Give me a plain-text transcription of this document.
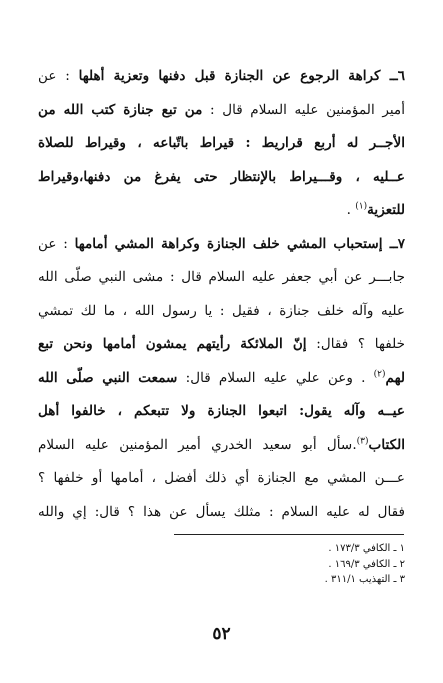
٦ــ كراهة الرجوع عن الجنازة قبل دفنها وتعزية أهلها : عن
أمير المؤمنين عليه السلام قال : من تبع جنازة كتب الله من
الأجــر له أربع قراريط : قيراط باتّباعه ، وقيراط للصلاة
عــليه ، وقـــيراط بالإنتظار حتى يفرغ من دفنها،وقيراط
للتعزية$^{(١)}$ .
٧ــ إستحباب المشي خلف الجنازة وكراهة المشي أمامها : عن
جابـــر عن أبي جعفر عليه السلام قال : مشى النبي صلّى الله
عليه وآله خلف جنازة ، فقيل : يا رسول الله ، ما لك تمشي
خلفها ؟ فقال: إنّ الملائكة رأيتهم يمشون أمامها ونحن تبع
لهم$^{(٢)}$ . وعن علي عليه السلام قال: سمعت النبي صلّى الله
عيــه وآله يقول: اتبعوا الجنازة ولا تتبعكم ، خالفوا أهل
الكتاب$^{(٣)}$.سأل أبو سعيد الخدري أمير المؤمنين عليه السلام
عـــن المشي مع الجنازة أي ذلك أفضل ، أمامها أو خلفها ؟
فقال له عليه السلام : مثلك يسأل عن هذا ؟ قال: إي والله
١ ـ الكافي ١٧٣/٣ .
٢ ـ الكافي ١٦٩/٣ .
٣ ـ التهذيب ٣١١/١ .
٥٢
